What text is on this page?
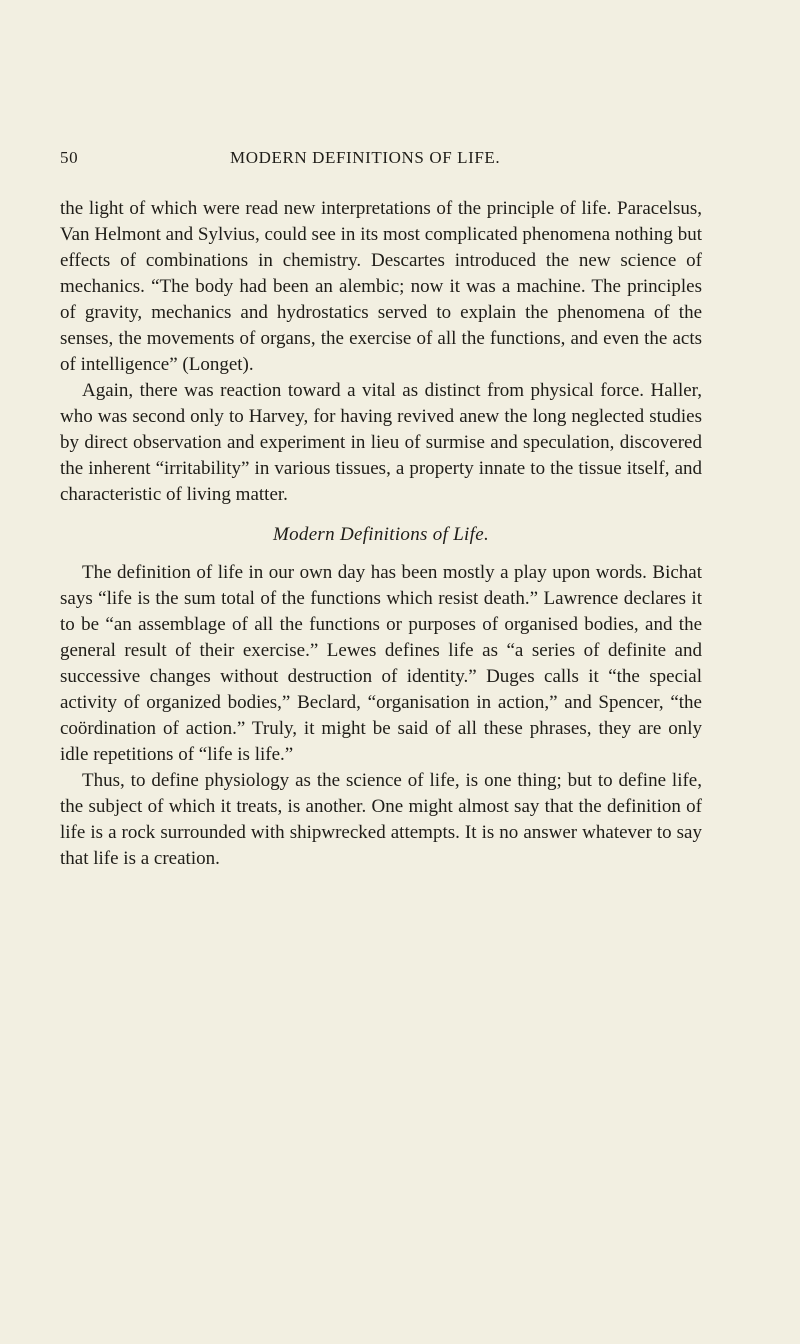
50	MODERN DEFINITIONS OF LIFE.

the light of which were read new interpretations of the principle of life. Paracelsus, Van Helmont and Sylvius, could see in its most complicated phenomena nothing but effects of combinations in chemistry. Descartes introduced the new science of mechanics. “The body had been an alembic; now it was a machine. The principles of gravity, mechanics and hydrostatics served to explain the phenomena of the senses, the movements of organs, the exercise of all the functions, and even the acts of intelligence” (Longet).

Again, there was reaction toward a vital as distinct from physical force. Haller, who was second only to Harvey, for having revived anew the long neglected studies by direct observation and experiment in lieu of surmise and speculation, discovered the inherent “irritability” in various tissues, a property innate to the tissue itself, and characteristic of living matter.

Modern Definitions of Life.

The definition of life in our own day has been mostly a play upon words. Bichat says “life is the sum total of the functions which resist death.” Lawrence declares it to be “an assemblage of all the functions or purposes of organised bodies, and the general result of their exercise.” Lewes defines life as “a series of definite and successive changes without destruction of identity.” Duges calls it “the special activity of organized bodies,” Beclard, “organisation in action,” and Spencer, “the coördination of action.” Truly, it might be said of all these phrases, they are only idle repetitions of “life is life.”

Thus, to define physiology as the science of life, is one thing; but to define life, the subject of which it treats, is another. One might almost say that the definition of life is a rock surrounded with shipwrecked attempts. It is no answer whatever to say that life is a creation.
